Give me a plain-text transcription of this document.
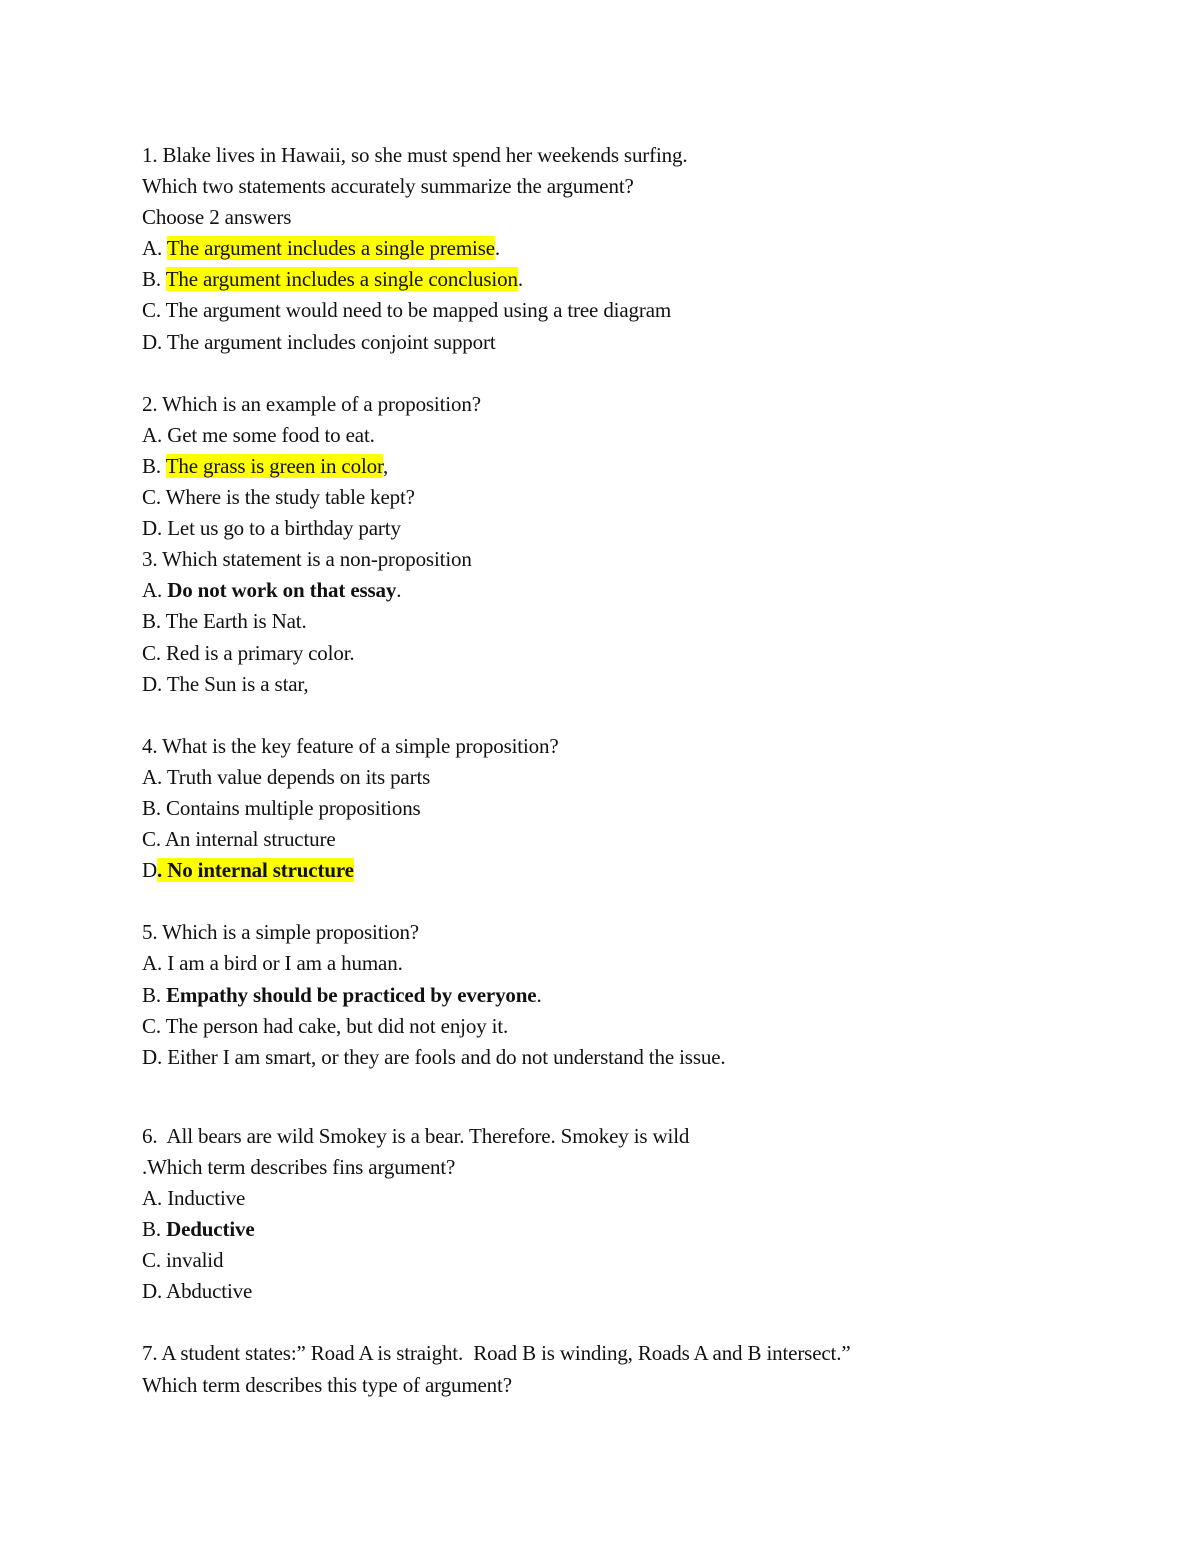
1. Blake lives in Hawaii, so she must spend her weekends surfing.
Which two statements accurately summarize the argument?
Choose 2 answers
A. The argument includes a single premise.
B. The argument includes a single conclusion.
C. The argument would need to be mapped using a tree diagram
D. The argument includes conjoint support
2. Which is an example of a proposition?
A. Get me some food to eat.
B. The grass is green in color,
C. Where is the study table kept?
D. Let us go to a birthday party
3. Which statement is a non-proposition
A. Do not work on that essay.
B. The Earth is Nat.
C. Red is a primary color.
D. The Sun is a star,
4. What is the key feature of a simple proposition?
A. Truth value depends on its parts
B. Contains multiple propositions
C. An internal structure
D. No internal structure
5. Which is a simple proposition?
A. I am a bird or I am a human.
B. Empathy should be practiced by everyone.
C. The person had cake, but did not enjoy it.
D. Either I am smart, or they are fools and do not understand the issue.
6.  All bears are wild Smokey is a bear. Therefore. Smokey is wild
.Which term describes fins argument?
A. Inductive
B. Deductive
C. invalid
D. Abductive
7. A student states:” Road A is straight.  Road B is winding, Roads A and B intersect.”
Which term describes this type of argument?
